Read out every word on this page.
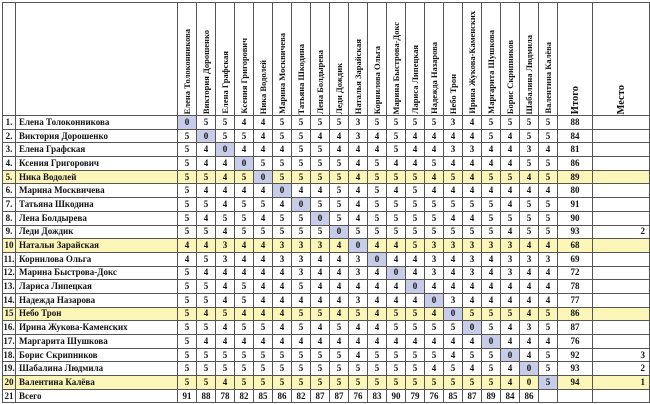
		Елена Толоконникова	Виктория Дорошенко	Елена Графская	Ксения Григорович	Ника Водолей	Марина Москвичева	Татьяна Шкодина	Лена Болдырева	Леди Дождик	Наталья Зарайская	Корнилова Ольга	Марина Быстрова-Докс	Лариса Липецкая	Надежда Назарова	Небо Трон	Ирина Жукова-Каменских	Маргарита Шушкова	Борис Скрипников	Шабалина Людмила	Валентина Калёва	Итого	Место

1.	Елена Толоконникова	0	5	5	4	4	5	5	5	5	3	5	5	5	5	3	4	5	5	5	5	88	
2.	Виктория Дорошенко	5	0	5	5	4	5	5	4	4	3	4	5	4	4	4	4	5	4	5	5	84	
3.	Елена Графская	5	4	0	4	4	4	5	5	4	4	4	5	4	4	3	3	4	4	3	4	81	
4.	Ксения Григорович	5	4	4	0	5	5	5	5	5	4	5	4	4	5	4	4	4	4	5	5	86	
5.	Ника Водолей	5	5	4	5	0	5	5	5	5	4	5	5	5	4	5	4	5	5	4	5	89	
6.	Марина Москвичева	5	4	4	4	4	0	4	4	5	4	5	4	5	4	4	4	4	4	4	4	80	
7.	Татьяна Шкодина	5	5	4	5	5	4	0	5	5	4	5	5	5	5	5	5	5	4	5	5	91	
8.	Лена Болдырева	5	4	5	5	4	5	5	0	5	4	5	5	5	5	4	4	5	5	5	5	90	
9.	Леди Дождик	5	5	4	5	5	5	5	5	0	5	5	5	5	5	5	5	5	4	5	5	93	2
10	Натальи Зарайская	4	4	3	4	4	3	3	3	4	0	4	4	5	3	3	3	3	3	4	4	68	
11.	Корнилова Ольга	4	5	3	4	4	3	3	4	4	3	0	4	4	3	4	3	4	3	3	3	69	
12.	Марина Быстрова-Докс	5	4	4	4	4	4	3	4	4	3	4	0	4	3	4	3	4	3	4	4	72	
13.	Лариса Липецкая	5	5	4	5	4	4	5	4	4	4	4	4	0	4	4	4	4	4	4	4	78	
14.	Надежда Назарова	5	5	4	5	4	4	4	4	4	3	4	4	4	0	3	4	4	4	4	4	77	
15	Небо Трон	5	4	5	4	4	4	5	5	4	5	4	5	5	4	0	5	5	5	4	5	86	
16.	Ирина Жукова-Каменских	5	5	4	5	5	4	5	4	5	4	4	5	5	5	5	0	5	4	3	5	87	
17.	Маргарита Шушкова	5	4	4	4	4	4	4	4	4	4	4	4	4	4	4	4	0	4	4	4	76	
18.	Борис Скрипников	5	5	5	5	5	5	5	5	5	4	5	5	5	5	4	5	5	0	4	5	92	3
19.	Шабалина Людмила	5	5	5	5	5	5	5	5	5	5	5	5	5	4	5	4	5	4	0	5	93	2
20	Валентина Калёва	5	5	4	5	5	5	5	5	5	5	5	5	5	5	5	5	5	4	0	5	94	1
21	Всего	91	88	78	82	85	86	82	87	87	76	83	90	79	76	85	87	89	84	86			
